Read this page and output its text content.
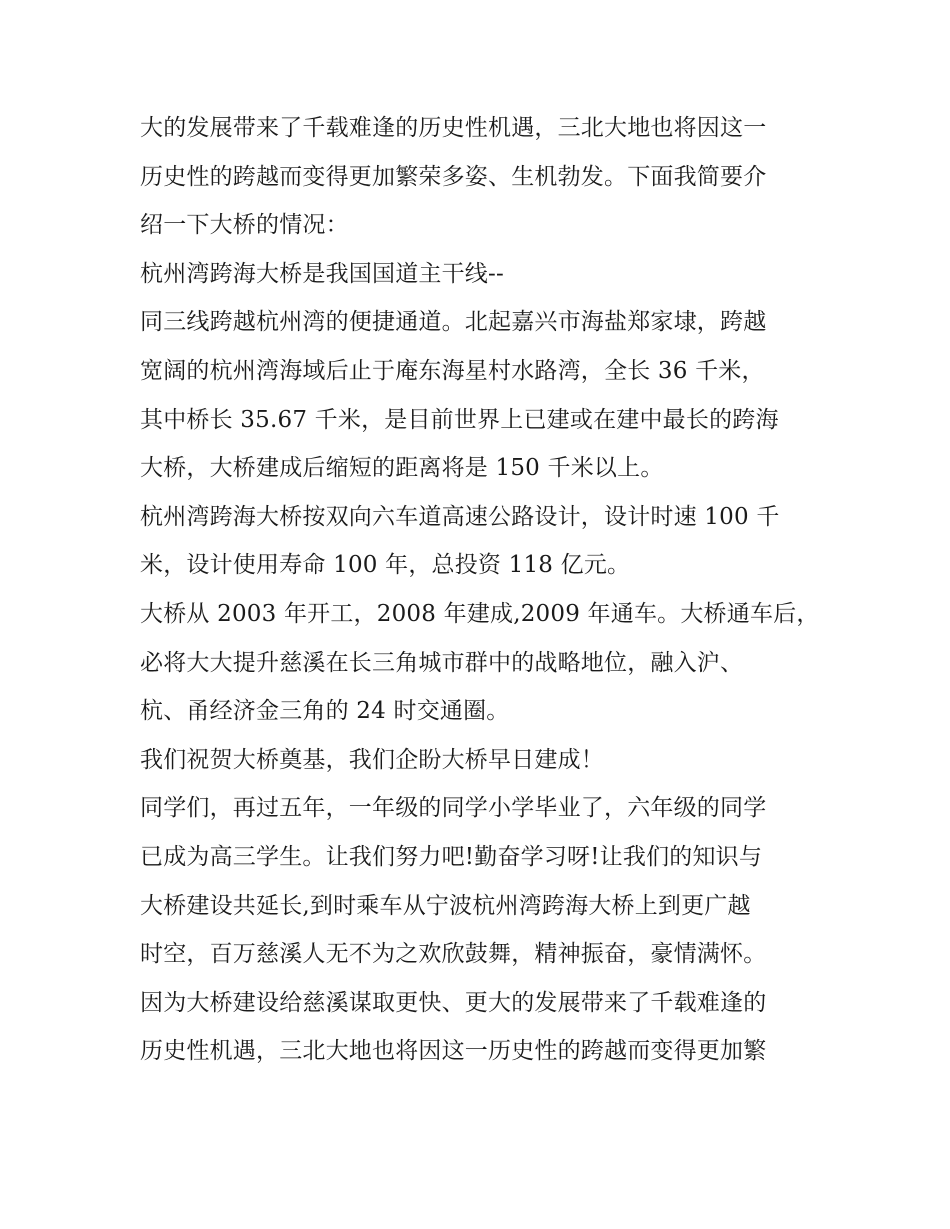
大的发展带来了千载难逢的历史性机遇，三北大地也将因这一

历史性的跨越而变得更加繁荣多姿、生机勃发。下面我简要介

绍一下大桥的情况：

杭州湾跨海大桥是我国国道主干线--

同三线跨越杭州湾的便捷通道。北起嘉兴市海盐郑家埭，跨越

宽阔的杭州湾海域后止于庵东海星村水路湾，全长 36 千米，

其中桥长 35.67 千米，是目前世界上已建或在建中最长的跨海

大桥，大桥建成后缩短的距离将是 150 千米以上。

杭州湾跨海大桥按双向六车道高速公路设计，设计时速 100 千

米，设计使用寿命 100 年，总投资 118 亿元。

大桥从 2003 年开工，2008 年建成,2009 年通车。大桥通车后，

必将大大提升慈溪在长三角城市群中的战略地位，融入沪、

杭、甬经济金三角的 24 时交通圈。

我们祝贺大桥奠基，我们企盼大桥早日建成！

同学们，再过五年，一年级的同学小学毕业了，六年级的同学

已成为高三学生。让我们努力吧!勤奋学习呀!让我们的知识与

大桥建设共延长,到时乘车从宁波杭州湾跨海大桥上到更广越

时空，百万慈溪人无不为之欢欣鼓舞，精神振奋，豪情满怀。

因为大桥建设给慈溪谋取更快、更大的发展带来了千载难逢的

历史性机遇，三北大地也将因这一历史性的跨越而变得更加繁
